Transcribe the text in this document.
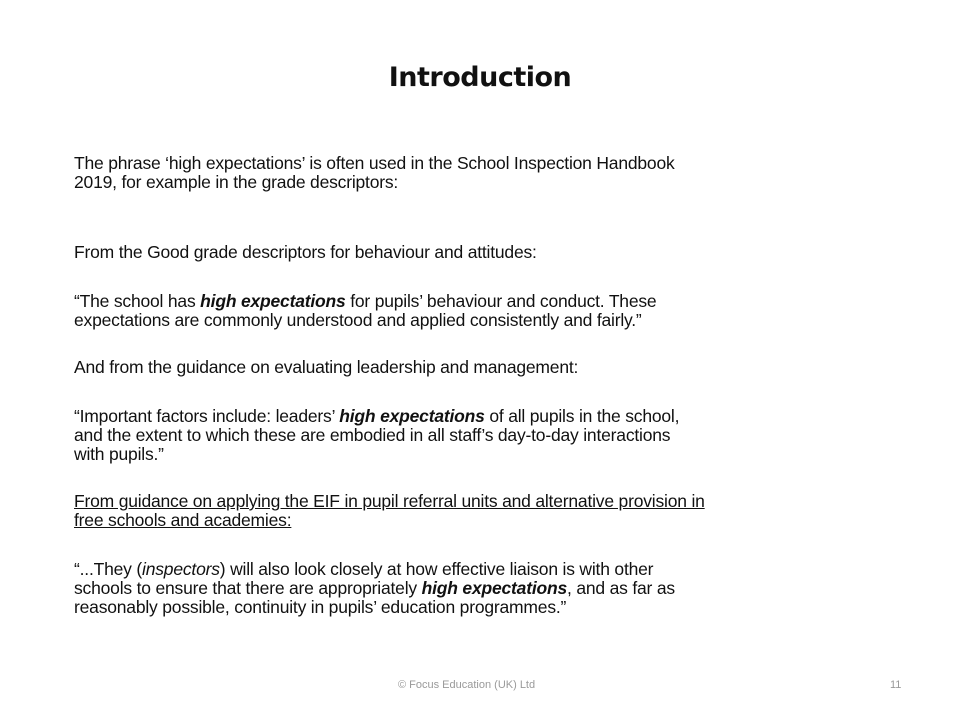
Introduction
The phrase ‘high expectations’ is often used in the School Inspection Handbook
2019, for example in the grade descriptors:
From the Good grade descriptors for behaviour and attitudes:
“The school has high expectations for pupils’ behaviour and conduct. These
expectations are commonly understood and applied consistently and fairly.”
And from the guidance on evaluating leadership and management:
“Important factors include: leaders’ high expectations of all pupils in the school,
and the extent to which these are embodied in all staff’s day-to-day interactions
with pupils.”
From guidance on applying the EIF in pupil referral units and alternative provision in
free schools and academies:
“...They (inspectors) will also look closely at how effective liaison is with other
schools to ensure that there are appropriately high expectations, and as far as
reasonably possible, continuity in pupils’ education programmes.”
© Focus Education (UK) Ltd	11
